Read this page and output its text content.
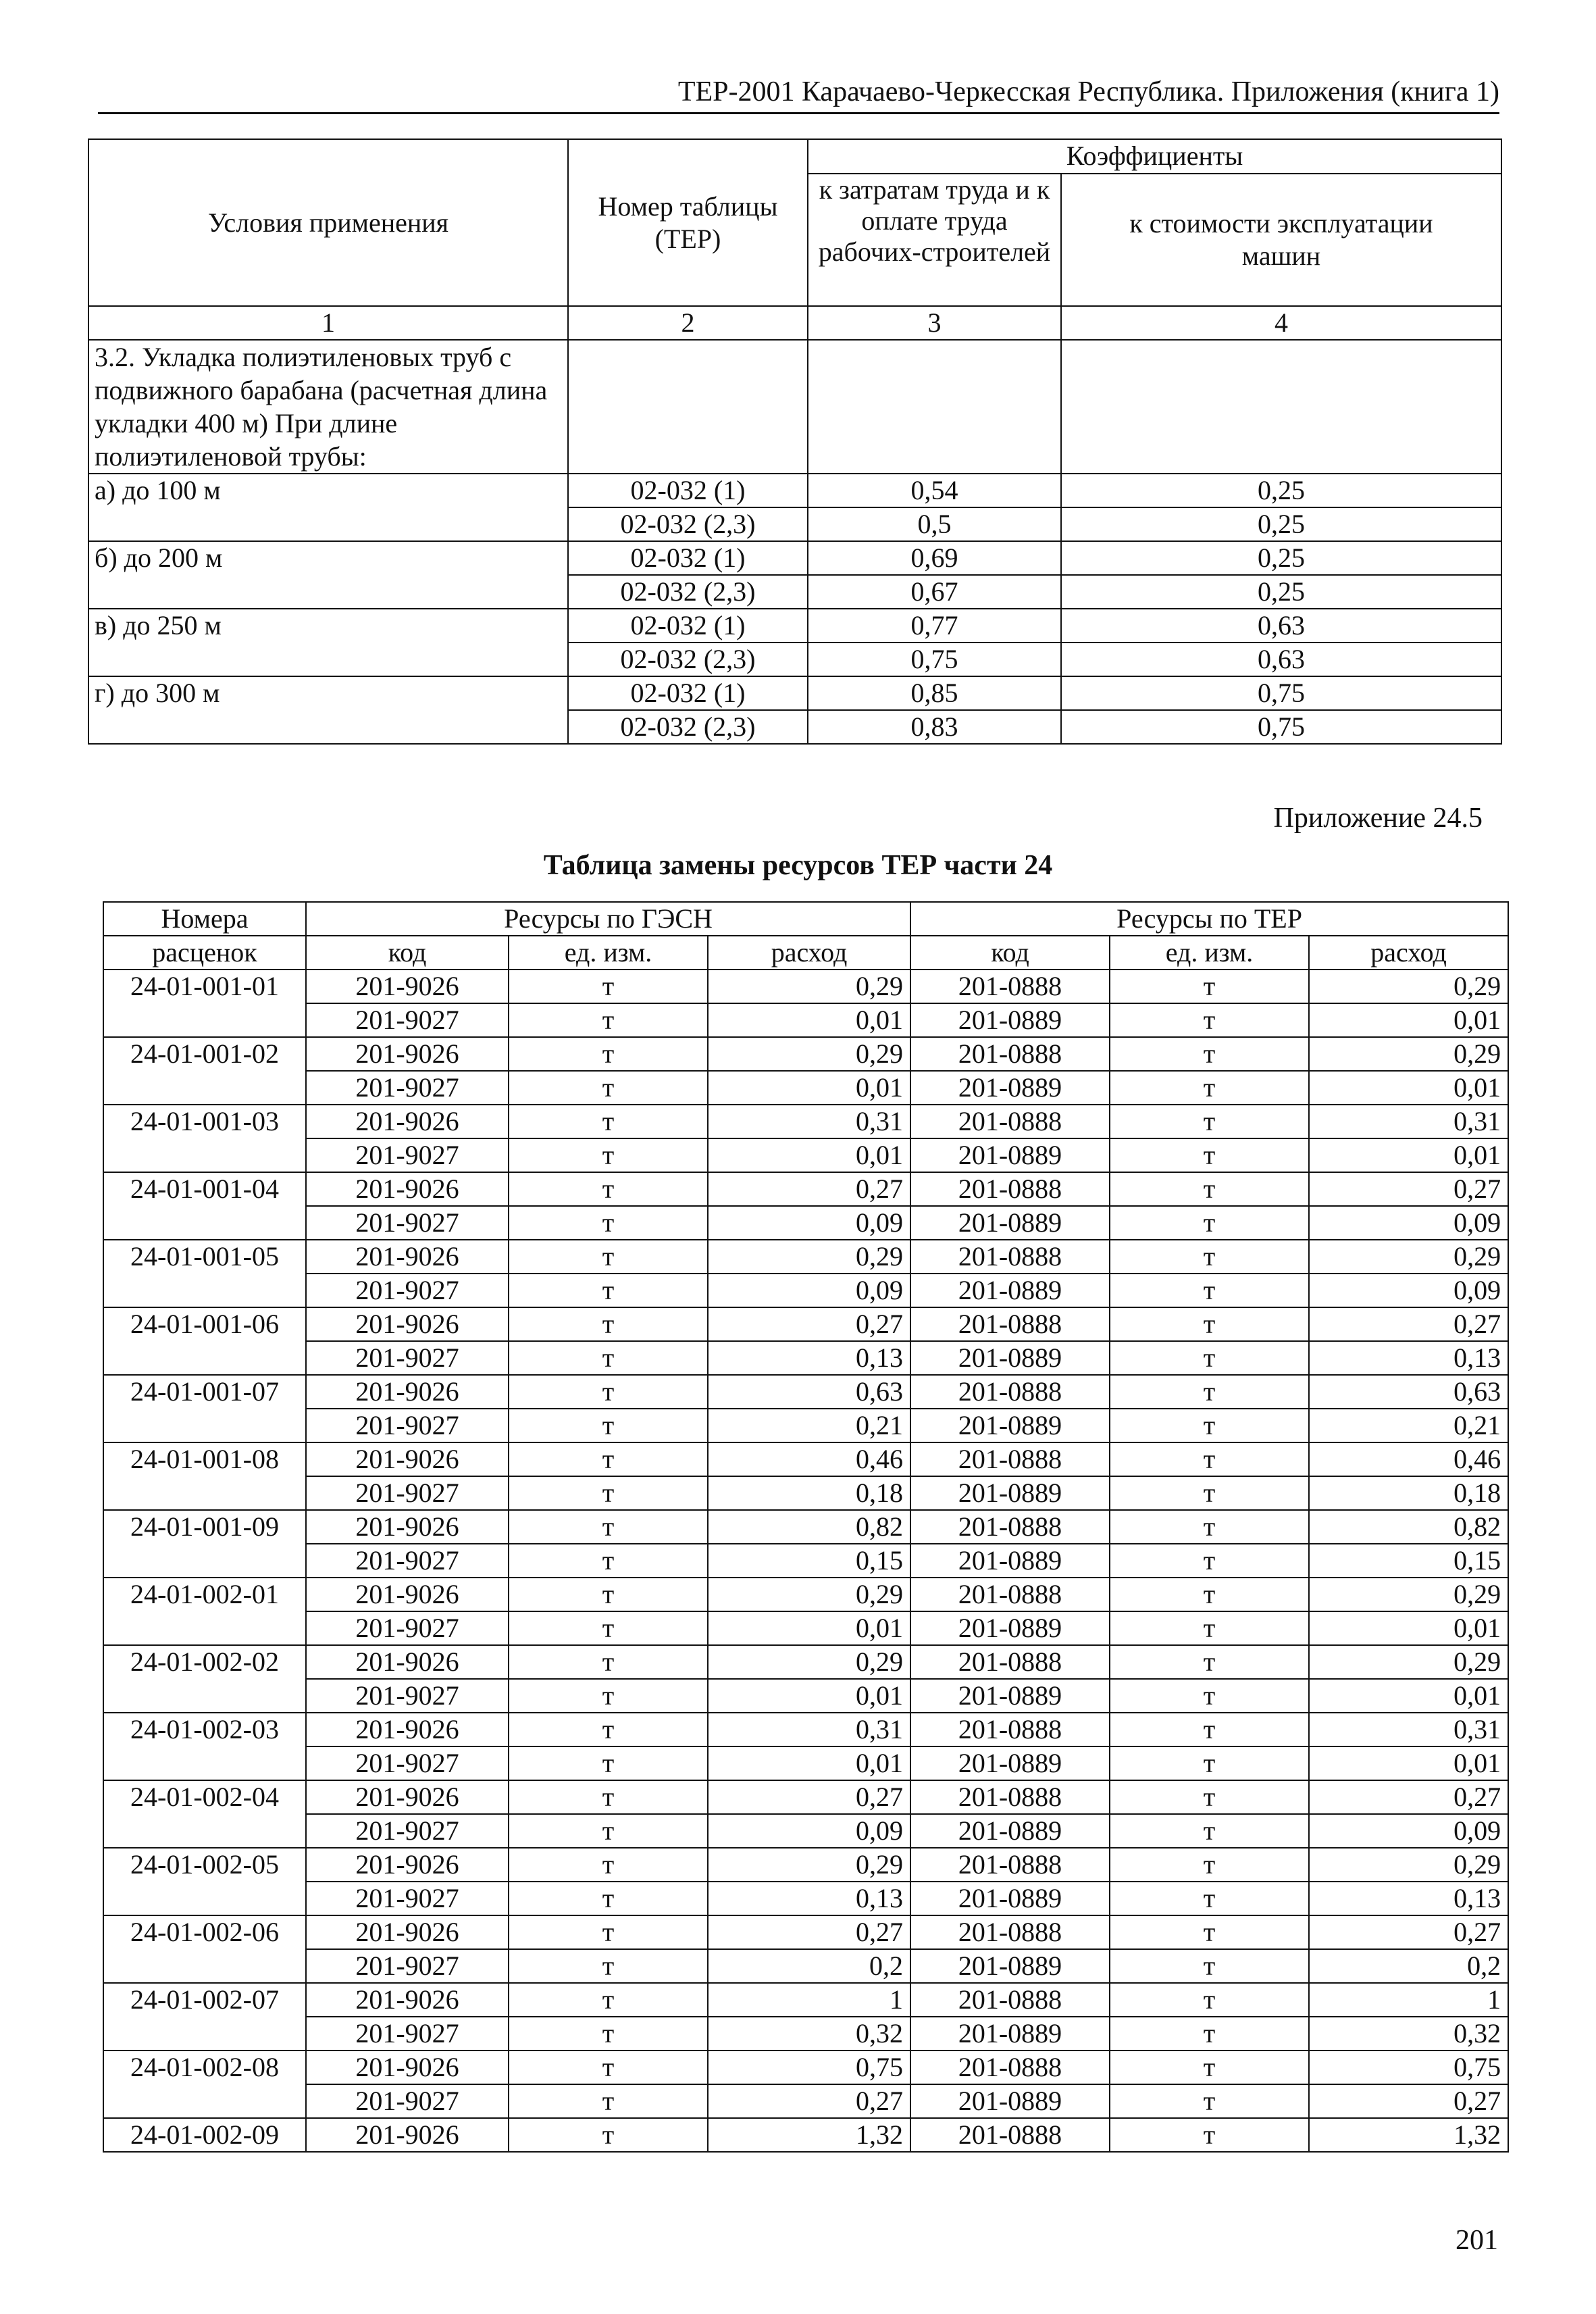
ТЕР-2001 Карачаево-Черкесская Республика. Приложения (книга 1)
Условия применения	Номер таблицы (ТЕР)	Коэффициенты	
		к затратам труда и к оплате труда рабочих-строителей	к стоимости эксплуатации машин
1	2	3	4
3.2. Укладка полиэтиленовых труб с подвижного барабана (расчетная длина укладки 400 м) При длине полиэтиленовой трубы:			
а) до 100 м	02-032 (1)	0,54	0,25
	02-032 (2,3)	0,5	0,25
б) до 200 м	02-032 (1)	0,69	0,25
	02-032 (2,3)	0,67	0,25
в) до 250 м	02-032 (1)	0,77	0,63
	02-032 (2,3)	0,75	0,63
г) до 300 м	02-032 (1)	0,85	0,75
	02-032 (2,3)	0,83	0,75
Приложение 24.5
Таблица замены ресурсов ТЕР части 24
Номера	Ресурсы по ГЭСН			Ресурсы по ТЕР		
расценок	код	ед. изм.	расход	код	ед. изм.	расход
24-01-001-01	201-9026	т	0,29	201-0888	т	0,29
	201-9027	т	0,01	201-0889	т	0,01
24-01-001-02	201-9026	т	0,29	201-0888	т	0,29
	201-9027	т	0,01	201-0889	т	0,01
24-01-001-03	201-9026	т	0,31	201-0888	т	0,31
	201-9027	т	0,01	201-0889	т	0,01
24-01-001-04	201-9026	т	0,27	201-0888	т	0,27
	201-9027	т	0,09	201-0889	т	0,09
24-01-001-05	201-9026	т	0,29	201-0888	т	0,29
	201-9027	т	0,09	201-0889	т	0,09
24-01-001-06	201-9026	т	0,27	201-0888	т	0,27
	201-9027	т	0,13	201-0889	т	0,13
24-01-001-07	201-9026	т	0,63	201-0888	т	0,63
	201-9027	т	0,21	201-0889	т	0,21
24-01-001-08	201-9026	т	0,46	201-0888	т	0,46
	201-9027	т	0,18	201-0889	т	0,18
24-01-001-09	201-9026	т	0,82	201-0888	т	0,82
	201-9027	т	0,15	201-0889	т	0,15
24-01-002-01	201-9026	т	0,29	201-0888	т	0,29
	201-9027	т	0,01	201-0889	т	0,01
24-01-002-02	201-9026	т	0,29	201-0888	т	0,29
	201-9027	т	0,01	201-0889	т	0,01
24-01-002-03	201-9026	т	0,31	201-0888	т	0,31
	201-9027	т	0,01	201-0889	т	0,01
24-01-002-04	201-9026	т	0,27	201-0888	т	0,27
	201-9027	т	0,09	201-0889	т	0,09
24-01-002-05	201-9026	т	0,29	201-0888	т	0,29
	201-9027	т	0,13	201-0889	т	0,13
24-01-002-06	201-9026	т	0,27	201-0888	т	0,27
	201-9027	т	0,2	201-0889	т	0,2
24-01-002-07	201-9026	т	1	201-0888	т	1
	201-9027	т	0,32	201-0889	т	0,32
24-01-002-08	201-9026	т	0,75	201-0888	т	0,75
	201-9027	т	0,27	201-0889	т	0,27
24-01-002-09	201-9026	т	1,32	201-0888	т	1,32
201
